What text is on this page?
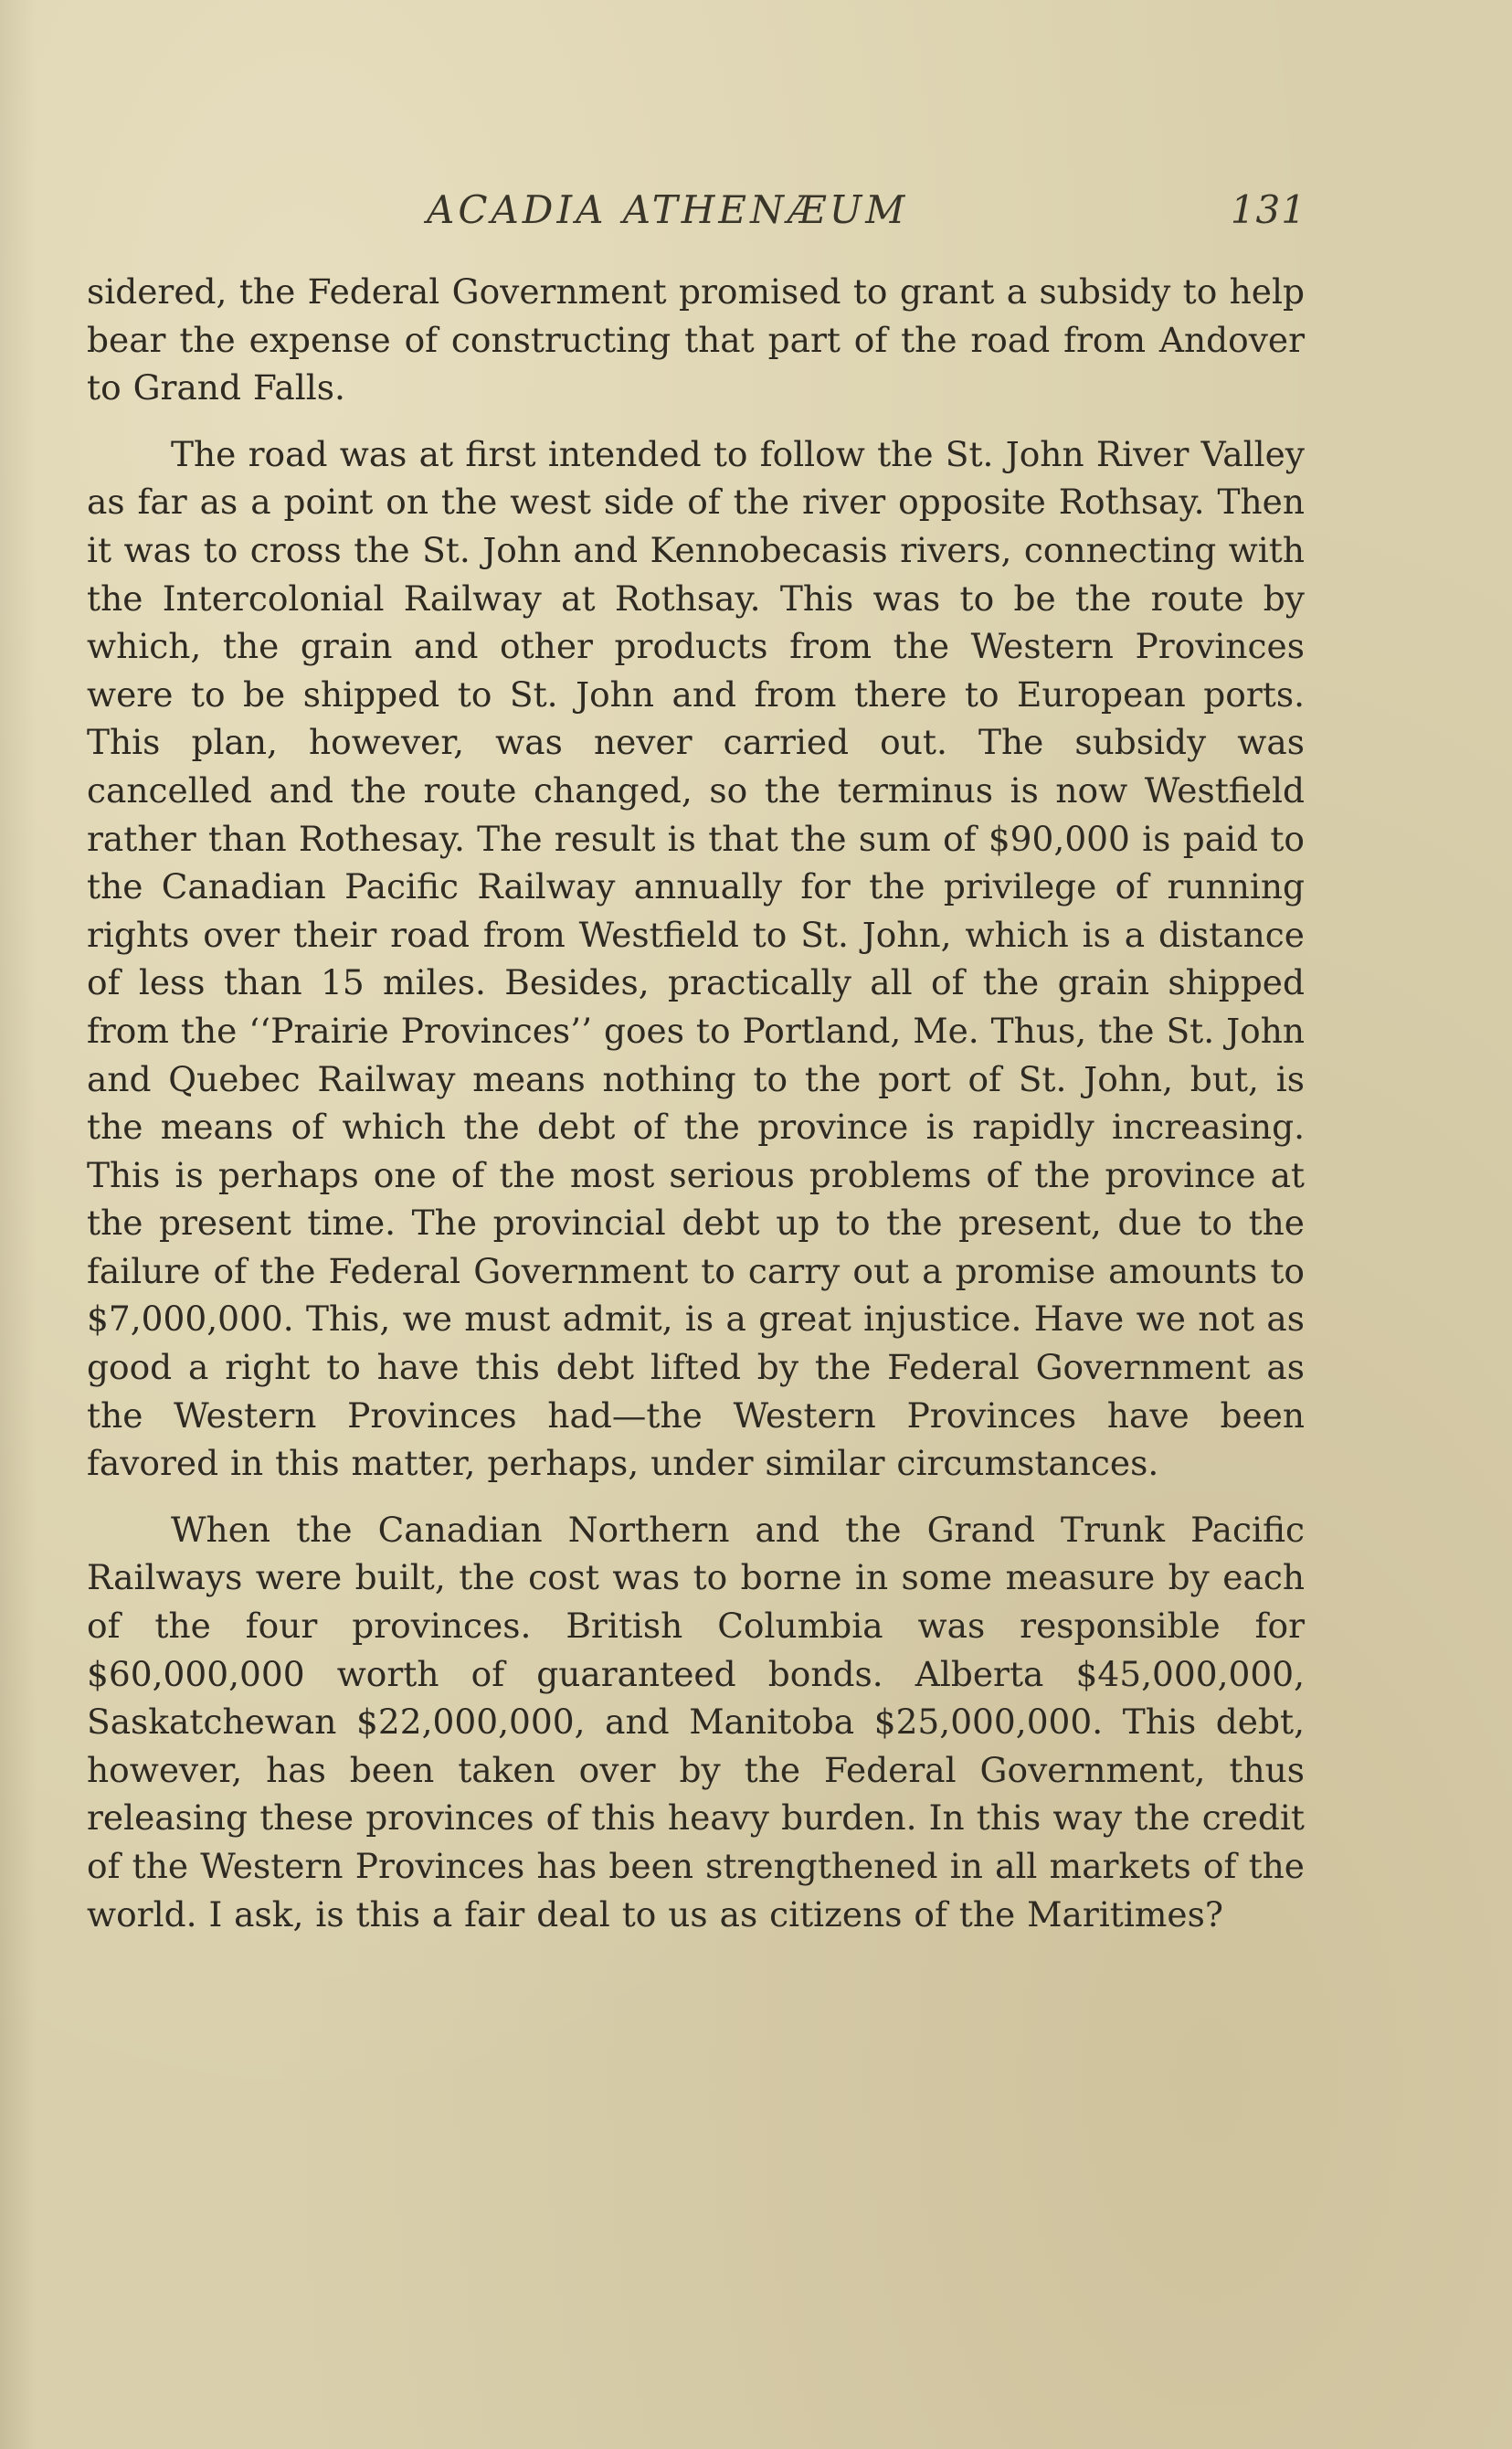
ACADIA ATHENÆUM	131

sidered, the Federal Government promised to grant a subsidy to help bear the expense of constructing that part of the road from Andover to Grand Falls.

The road was at first intended to follow the St. John River Valley as far as a point on the west side of the river opposite Rothsay. Then it was to cross the St. John and Kennobecasis rivers, connecting with the Intercolonial Railway at Rothsay. This was to be the route by which, the grain and other products from the Western Provinces were to be shipped to St. John and from there to European ports. This plan, however, was never carried out. The subsidy was cancelled and the route changed, so the terminus is now Westfield rather than Rothesay. The result is that the sum of $90,000 is paid to the Canadian Pacific Railway annually for the privilege of running rights over their road from Westfield to St. John, which is a distance of less than 15 miles. Besides, practically all of the grain shipped from the ‘‘Prairie Provinces’’ goes to Portland, Me. Thus, the St. John and Quebec Railway means nothing to the port of St. John, but, is the means of which the debt of the province is rapidly increasing. This is perhaps one of the most serious problems of the province at the present time. The provincial debt up to the present, due to the failure of the Federal Government to carry out a promise amounts to $7,000,000. This, we must admit, is a great injustice. Have we not as good a right to have this debt lifted by the Federal Government as the Western Provinces had—the Western Provinces have been favored in this matter, perhaps, under similar circumstances.

When the Canadian Northern and the Grand Trunk Pacific Railways were built, the cost was to borne in some measure by each of the four provinces. British Columbia was responsible for $60,000,000 worth of guaranteed bonds. Alberta $45,000,000, Saskatchewan $22,000,000, and Manitoba $25,000,000. This debt, however, has been taken over by the Federal Government, thus releasing these provinces of this heavy burden. In this way the credit of the Western Provinces has been strengthened in all markets of the world. I ask, is this a fair deal to us as citizens of the Maritimes?
